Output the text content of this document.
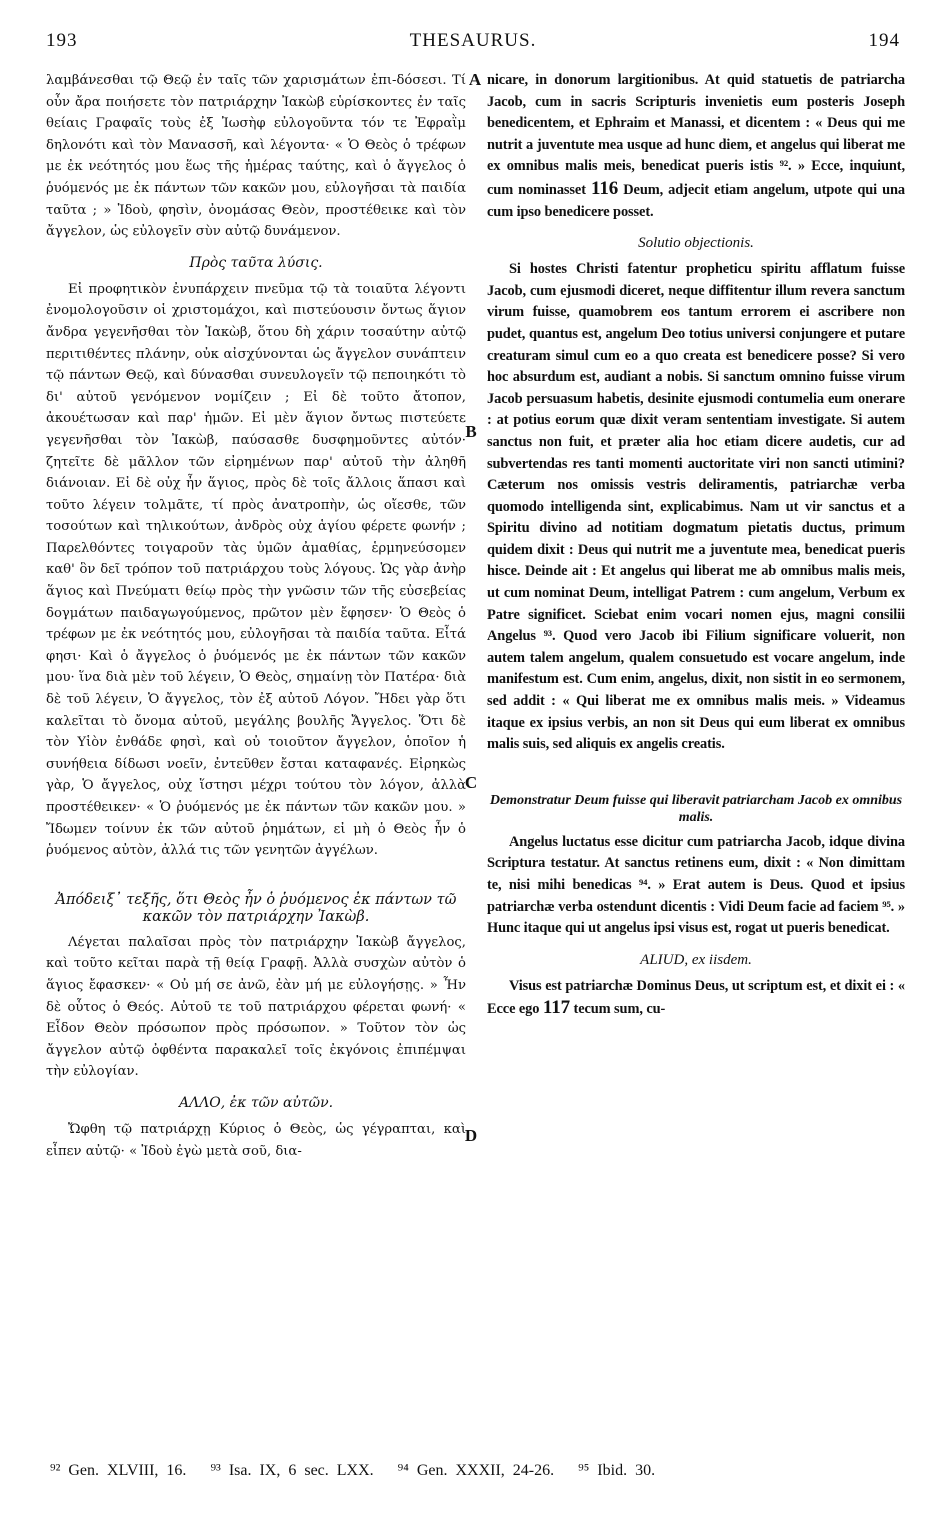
193	THESAURUS.	194

λαμβάνεσθαι τῷ Θεῷ ἐν ταῖς τῶν χαρισμάτων ἐπι-δόσεσι. Τί οὖν ἄρα ποιήσετε τὸν πατριάρχην Ἰακὼβ εὑρίσκοντες ἐν ταῖς θείαις Γραφαῖς τοὺς ἐξ Ἰωσὴφ εὐλογοῦντα τόν τε Ἐφραῒμ δηλονότι καὶ τὸν Μανασσῆ, καὶ λέγοντα· « Ὁ Θεὸς ὁ τρέφων με ἐκ νεότητός μου ἕως τῆς ἡμέρας ταύτης, καὶ ὁ ἄγγελος ὁ ῥυόμενός με ἐκ πάντων τῶν κακῶν μου, εὐλογῆσαι τὰ παιδία ταῦτα ; » Ἰδοὺ, φησὶν, ὀνομάσας Θεὸν, προστέθεικε καὶ τὸν ἄγγελον, ὡς εὐλογεῖν σὺν αὐτῷ δυνάμενον.

Πρὸς ταῦτα λύσις.

Εἰ προφητικὸν ἐνυπάρχειν πνεῦμα τῷ τὰ τοιαῦτα λέγοντι ἐνομολογοῦσιν οἱ χριστομάχοι, καὶ πιστεύουσιν ὄντως ἅγιον ἄνδρα γεγενῆσθαι τὸν Ἰακὼβ, ὅτου δὴ χάριν τοσαύτην αὐτῷ περιτιθέντες πλάνην, οὐκ αἰσχύνονται ὡς ἄγγελον συνάπτειν τῷ πάντων Θεῷ, καὶ δύνασθαι συνευλογεῖν τῷ πεποιηκότι τὸ δι' αὐτοῦ γενόμενον νομίζειν ; Εἰ δὲ τοῦτο ἄτοπον, ἀκουέτωσαν καὶ παρ' ἡμῶν. Εἰ μὲν ἅγιον ὄντως πιστεύετε γεγενῆσθαι τὸν Ἰακὼβ, παύσασθε δυσφημοῦντες αὐτόν· ζητεῖτε δὲ μᾶλλον τῶν εἰρημένων παρ' αὐτοῦ τὴν ἀληθῆ διάνοιαν. Εἰ δὲ οὐχ ἦν ἅγιος, πρὸς δὲ τοῖς ἄλλοις ἅπασι καὶ τοῦτο λέγειν τολμᾶτε, τί πρὸς ἀνατροπὴν, ὡς οἴεσθε, τῶν τοσούτων καὶ τηλικούτων, ἀνδρὸς οὐχ ἁγίου φέρετε φωνήν ; Παρελθόντες τοιγαροῦν τὰς ὑμῶν ἀμαθίας, ἑρμηνεύσομεν καθ' ὃν δεῖ τρόπον τοῦ πατριάρχου τοὺς λόγους. Ὡς γὰρ ἀνὴρ ἅγιος καὶ Πνεύματι θείῳ πρὸς τὴν γνῶσιν τῶν τῆς εὐσεβείας δογμάτων παιδαγωγούμενος, πρῶτον μὲν ἔφησεν· Ὁ Θεὸς ὁ τρέφων με ἐκ νεότητός μου, εὐλογῆσαι τὰ παιδία ταῦτα. Εἶτά φησι· Καὶ ὁ ἄγγελος ὁ ῥυόμενός με ἐκ πάντων τῶν κακῶν μου· ἵνα διὰ μὲν τοῦ λέγειν, Ὁ Θεὸς, σημαίνῃ τὸν Πατέρα· διὰ δὲ τοῦ λέγειν, Ὁ ἄγγελος, τὸν ἐξ αὐτοῦ Λόγον. Ἤδει γὰρ ὅτι καλεῖται τὸ ὄνομα αὐτοῦ, μεγάλης βουλῆς Ἄγγελος. Ὅτι δὲ τὸν Υἱὸν ἐνθάδε φησὶ, καὶ οὐ τοιοῦτον ἄγγελον, ὁποῖον ἡ συνήθεια δίδωσι νοεῖν, ἐντεῦθεν ἔσται καταφανές. Εἰρηκὼς γὰρ, Ὁ ἄγγελος, οὐχ ἵστησι μέχρι τούτου τὸν λόγον, ἀλλὰ προστέθεικεν· « Ὁ ῥυόμενός με ἐκ πάντων τῶν κακῶν μου. » Ἴδωμεν τοίνυν ἐκ τῶν αὐτοῦ ῥημάτων, εἰ μὴ ὁ Θεὸς ἦν ὁ ῥυόμενος αὐτὸν, ἀλλά τις τῶν γενητῶν ἀγγέλων.

Ἀπόδειξ᾽ τεξῆς, ὅτι Θεὸς ἦν ὁ ῥυόμενος ἐκ πάντων τῶ κακῶν τὸν πατριάρχην Ἰακὼβ.

Λέγεται παλαῖσαι πρὸς τὸν πατριάρχην Ἰακὼβ ἄγγελος, καὶ τοῦτο κεῖται παρὰ τῇ θείᾳ Γραφῇ. Ἀλλὰ συσχὼν αὐτὸν ὁ ἅγιος ἔφασκεν· « Οὐ μή σε ἀνῶ, ἐὰν μή με εὐλογήσῃς. » Ἦν δὲ οὗτος ὁ Θεός. Αὐτοῦ τε τοῦ πατριάρχου φέρεται φωνή· « Εἶδον Θεὸν πρόσωπον πρὸς πρόσωπον. » Τοῦτον τὸν ὡς ἄγγελον αὐτῷ ὀφθέντα παρακαλεῖ τοῖς ἐκγόνοις ἐπιπέμψαι τὴν εὐλογίαν.

ΑΛΛΟ, ἐκ τῶν αὐτῶν.

Ὤφθη τῷ πατριάρχῃ Κύριος ὁ Θεὸς, ὡς γέγραπται, καὶ εἶπεν αὐτῷ· « Ἰδοὺ ἐγὼ μετὰ σοῦ, δια-

A
B
C
D

nicare, in donorum largitionibus. At quid statuetis de patriarcha Jacob, cum in sacris Scripturis invenietis eum posteris Joseph benedicentem, et Ephraim et Manassi, et dicentem : « Deus qui me nutrit a juventute mea usque ad hunc diem, et angelus qui liberat me ex omnibus malis meis, benedicat pueris istis ⁹². » Ecce, inquiunt, cum nominasset 116 Deum, adjecit etiam angelum, utpote qui una cum ipso benedicere posset.

Solutio objectionis.

Si hostes Christi fatentur propheticu spiritu afflatum fuisse Jacob, cum ejusmodi diceret, neque diffitentur illum revera sanctum virum fuisse, quamobrem eos tantum errorem ei ascribere non pudet, quantus est, angelum Deo totius universi conjungere et putare creaturam simul cum eo a quo creata est benedicere posse? Si vero hoc absurdum est, audiant a nobis. Si sanctum omnino fuisse virum Jacob persuasum habetis, desinite ejusmodi contumelia eum onerare : at potius eorum quæ dixit veram sententiam investigate. Si autem sanctus non fuit, et præter alia hoc etiam dicere audetis, cur ad subvertendas res tanti momenti auctoritate viri non sancti utimini? Cæterum nos omissis vestris deliramentis, patriarchæ verba quomodo intelligenda sint, explicabimus. Nam ut vir sanctus et a Spiritu divino ad notitiam dogmatum pietatis ductus, primum quidem dixit : Deus qui nutrit me a juventute mea, benedicat pueris hisce. Deinde ait : Et angelus qui liberat me ab omnibus malis meis, ut cum nominat Deum, intelligat Patrem : cum angelum, Verbum ex Patre significet. Sciebat enim vocari nomen ejus, magni consilii Angelus ⁹³. Quod vero Jacob ibi Filium significare voluerit, non autem talem angelum, qualem consuetudo est vocare angelum, inde manifestum est. Cum enim, angelus, dixit, non sistit in eo sermonem, sed addit : « Qui liberat me ex omnibus malis meis. » Videamus itaque ex ipsius verbis, an non sit Deus qui eum liberat ex omnibus malis suis, sed aliquis ex angelis creatis.

Demonstratur Deum fuisse qui liberavit patriarcham Jacob ex omnibus malis.

Angelus luctatus esse dicitur cum patriarcha Jacob, idque divina Scriptura testatur. At sanctus retinens eum, dixit : « Non dimittam te, nisi mihi benedicas ⁹⁴. » Erat autem is Deus. Quod et ipsius patriarchæ verba ostendunt dicentis : Vidi Deum facie ad faciem ⁹⁵. » Hunc itaque qui ut angelus ipsi visus est, rogat ut pueris benedicat.

ALIUD, ex iisdem.

Visus est patriarchæ Dominus Deus, ut scriptum est, et dixit ei : « Ecce ego 117 tecum sum, cu-

⁹² Gen. XLVIII, 16. ⁹³ Isa. IX, 6 sec. LXX. ⁹⁴ Gen. XXXII, 24-26. ⁹⁵ Ibid. 30.
